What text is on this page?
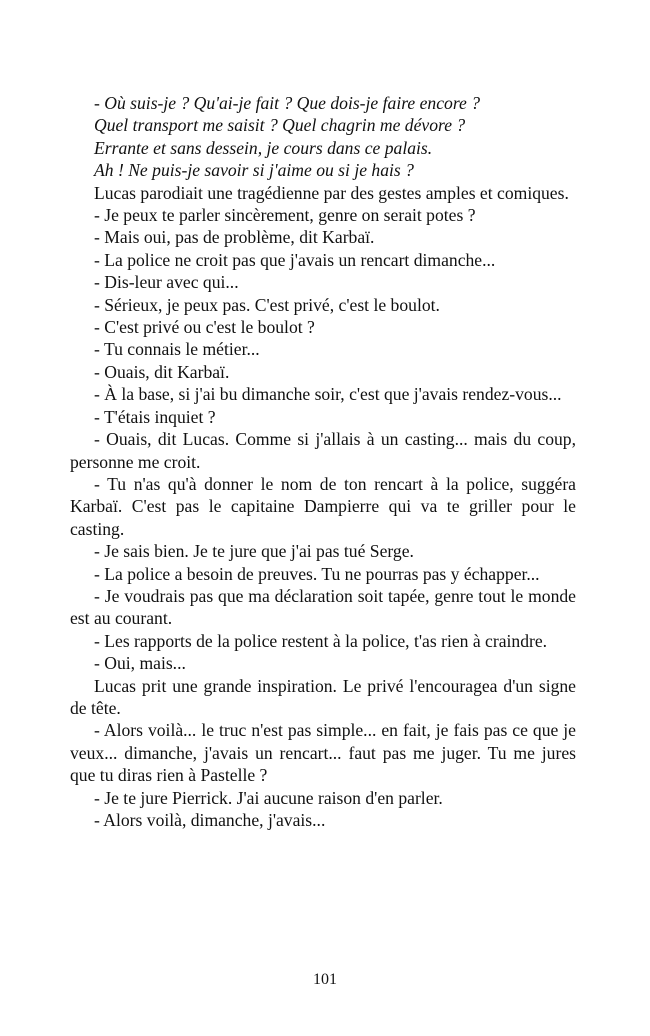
- Où suis-je ? Qu'ai-je fait ? Que dois-je faire encore ?

Quel transport me saisit ? Quel chagrin me dévore ?

Errante et sans dessein, je cours dans ce palais.

Ah ! Ne puis-je savoir si j'aime ou si je hais ?

Lucas parodiait une tragédienne par des gestes amples et comiques.

- Je peux te parler sincèrement, genre on serait potes ?

- Mais oui, pas de problème, dit Karbaï.

- La police ne croit pas que j'avais un rencart dimanche...

- Dis-leur avec qui...

- Sérieux, je peux pas. C'est privé, c'est le boulot.

- C'est privé ou c'est le boulot ?

- Tu connais le métier...

- Ouais, dit Karbaï.

- À la base, si j'ai bu dimanche soir, c'est que j'avais rendez-vous...

- T'étais inquiet ?

- Ouais, dit Lucas. Comme si j'allais à un casting... mais du coup, personne me croit.

- Tu n'as qu'à donner le nom de ton rencart à la police, suggéra Karbaï. C'est pas le capitaine Dampierre qui va te griller pour le casting.

- Je sais bien. Je te jure que j'ai pas tué Serge.

- La police a besoin de preuves. Tu ne pourras pas y échapper...

- Je voudrais pas que ma déclaration soit tapée, genre tout le monde est au courant.

- Les rapports de la police restent à la police, t'as rien à craindre.

- Oui, mais...

Lucas prit une grande inspiration. Le privé l'encouragea d'un signe de tête.

- Alors voilà... le truc n'est pas simple... en fait, je fais pas ce que je veux... dimanche, j'avais un rencart... faut pas me juger. Tu me jures que tu diras rien à Pastelle ?

- Je te jure Pierrick. J'ai aucune raison d'en parler.

- Alors voilà, dimanche, j'avais...

101
